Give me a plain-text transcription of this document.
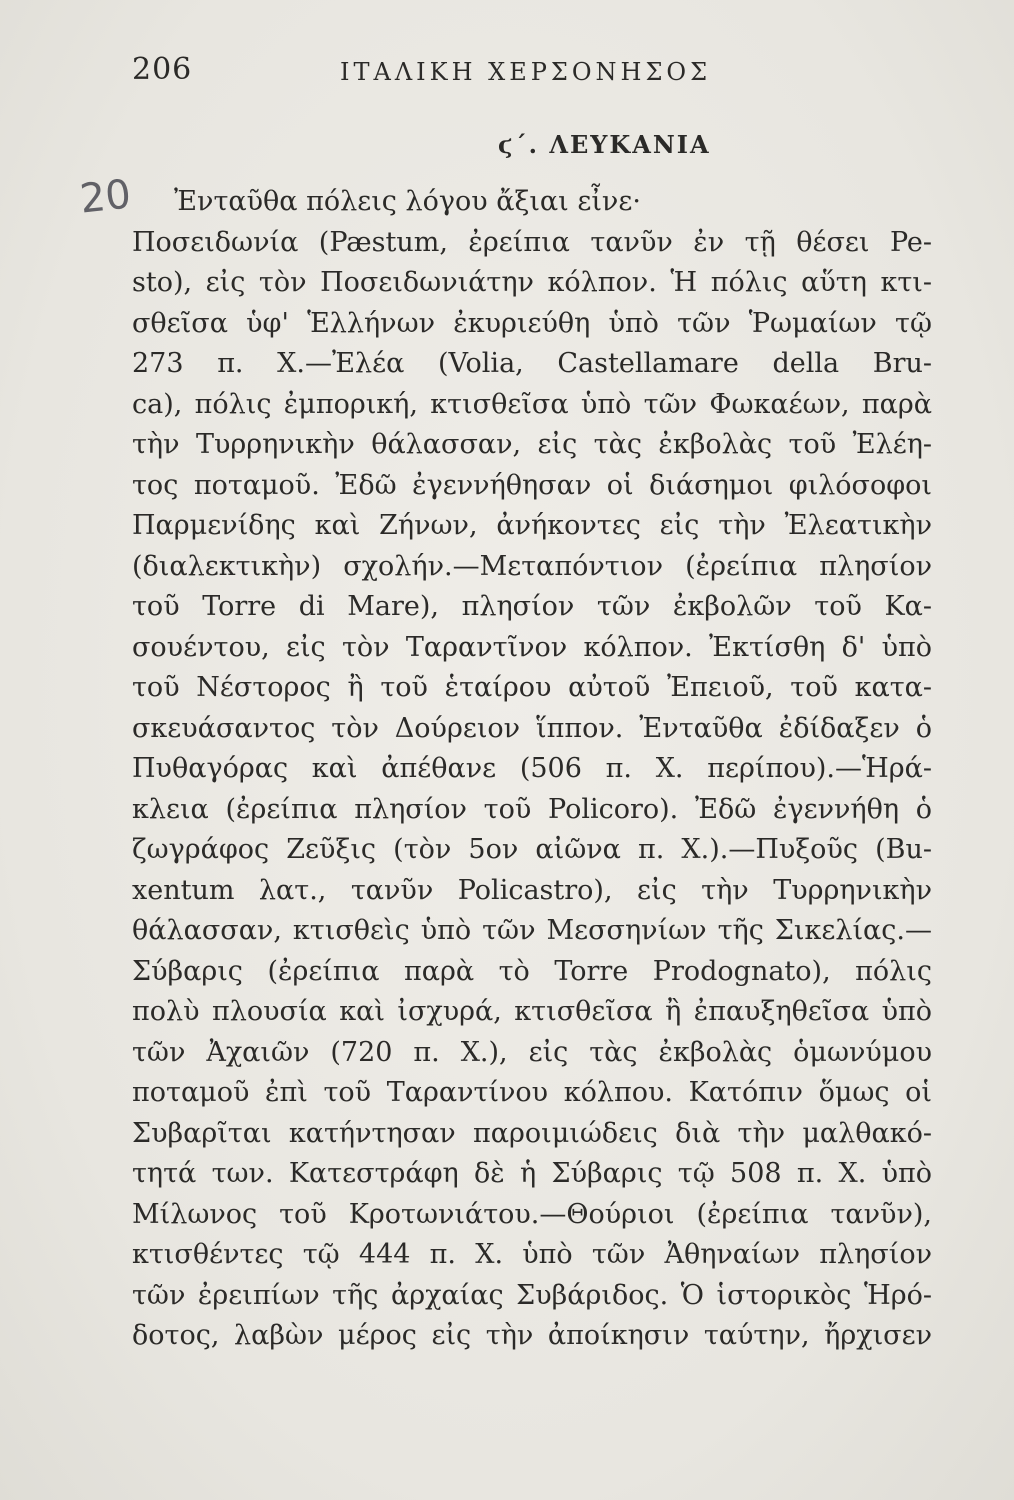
206	ΙΤΑΛΙΚΗ ΧΕΡΣΟΝΗΣΟΣ
ϛ΄. ΛΕΥΚΑΝΙΑ
20	Ἐνταῦθα πόλεις λόγου ἄξιαι εἶνε·
Ποσειδωνία (Pæstum, ἐρείπια τανῦν ἐν τῇ θέσει Pe-
sto), εἰς τὸν Ποσειδωνιάτην κόλπον. Ἡ πόλις αὕτη κτι-
σθεῖσα ὑφ' Ἑλλήνων ἐκυριεύθη ὑπὸ τῶν Ῥωμαίων τῷ
273 π. Χ.—Ἐλέα (Volia, Castellamare della Bru-
ca), πόλις ἐμπορική, κτισθεῖσα ὑπὸ τῶν Φωκαέων, παρὰ
τὴν Τυρρηνικὴν θάλασσαν, εἰς τὰς ἐκβολὰς τοῦ Ἐλέη-
τος ποταμοῦ. Ἐδῶ ἐγεννήθησαν οἱ διάσημοι φιλόσοφοι
Παρμενίδης καὶ Ζήνων, ἀνήκοντες εἰς τὴν Ἐλεατικὴν
(διαλεκτικὴν) σχολήν.—Μεταπόντιον (ἐρείπια πλησίον
τοῦ Torre di Mare), πλησίον τῶν ἐκβολῶν τοῦ Κα-
σουέντου, εἰς τὸν Ταραντῖνον κόλπον. Ἐκτίσθη δ' ὑπὸ
τοῦ Νέστορος ἢ τοῦ ἑταίρου αὐτοῦ Ἐπειοῦ, τοῦ κατα-
σκευάσαντος τὸν Δούρειον ἵππον. Ἐνταῦθα ἐδίδαξεν ὁ
Πυθαγόρας καὶ ἀπέθανε (506 π. Χ. περίπου).—Ἡρά-
κλεια (ἐρείπια πλησίον τοῦ Policoro). Ἐδῶ ἐγεννήθη ὁ
ζωγράφος Ζεῦξις (τὸν 5ον αἰῶνα π. Χ.).—Πυξοῦς (Bu-
xentum λατ., τανῦν Policastro), εἰς τὴν Τυρρηνικὴν
θάλασσαν, κτισθεὶς ὑπὸ τῶν Μεσσηνίων τῆς Σικελίας.—
Σύβαρις (ἐρείπια παρὰ τὸ Torre Prodognato), πόλις
πολὺ πλουσία καὶ ἰσχυρά, κτισθεῖσα ἢ ἐπαυξηθεῖσα ὑπὸ
τῶν Ἀχαιῶν (720 π. Χ.), εἰς τὰς ἐκβολὰς ὁμωνύμου
ποταμοῦ ἐπὶ τοῦ Ταραντίνου κόλπου. Κατόπιν ὅμως οἱ
Συβαρῖται κατήντησαν παροιμιώδεις διὰ τὴν μαλθακό-
τητά των. Κατεστράφη δὲ ἡ Σύβαρις τῷ 508 π. Χ. ὑπὸ
Μίλωνος τοῦ Κροτωνιάτου.—Θούριοι (ἐρείπια τανῦν),
κτισθέντες τῷ 444 π. Χ. ὑπὸ τῶν Ἀθηναίων πλησίον
τῶν ἐρειπίων τῆς ἀρχαίας Συβάριδος. Ὁ ἱστορικὸς Ἡρό-
δοτος, λαβὼν μέρος εἰς τὴν ἀποίκησιν ταύτην, ἤρχισεν
